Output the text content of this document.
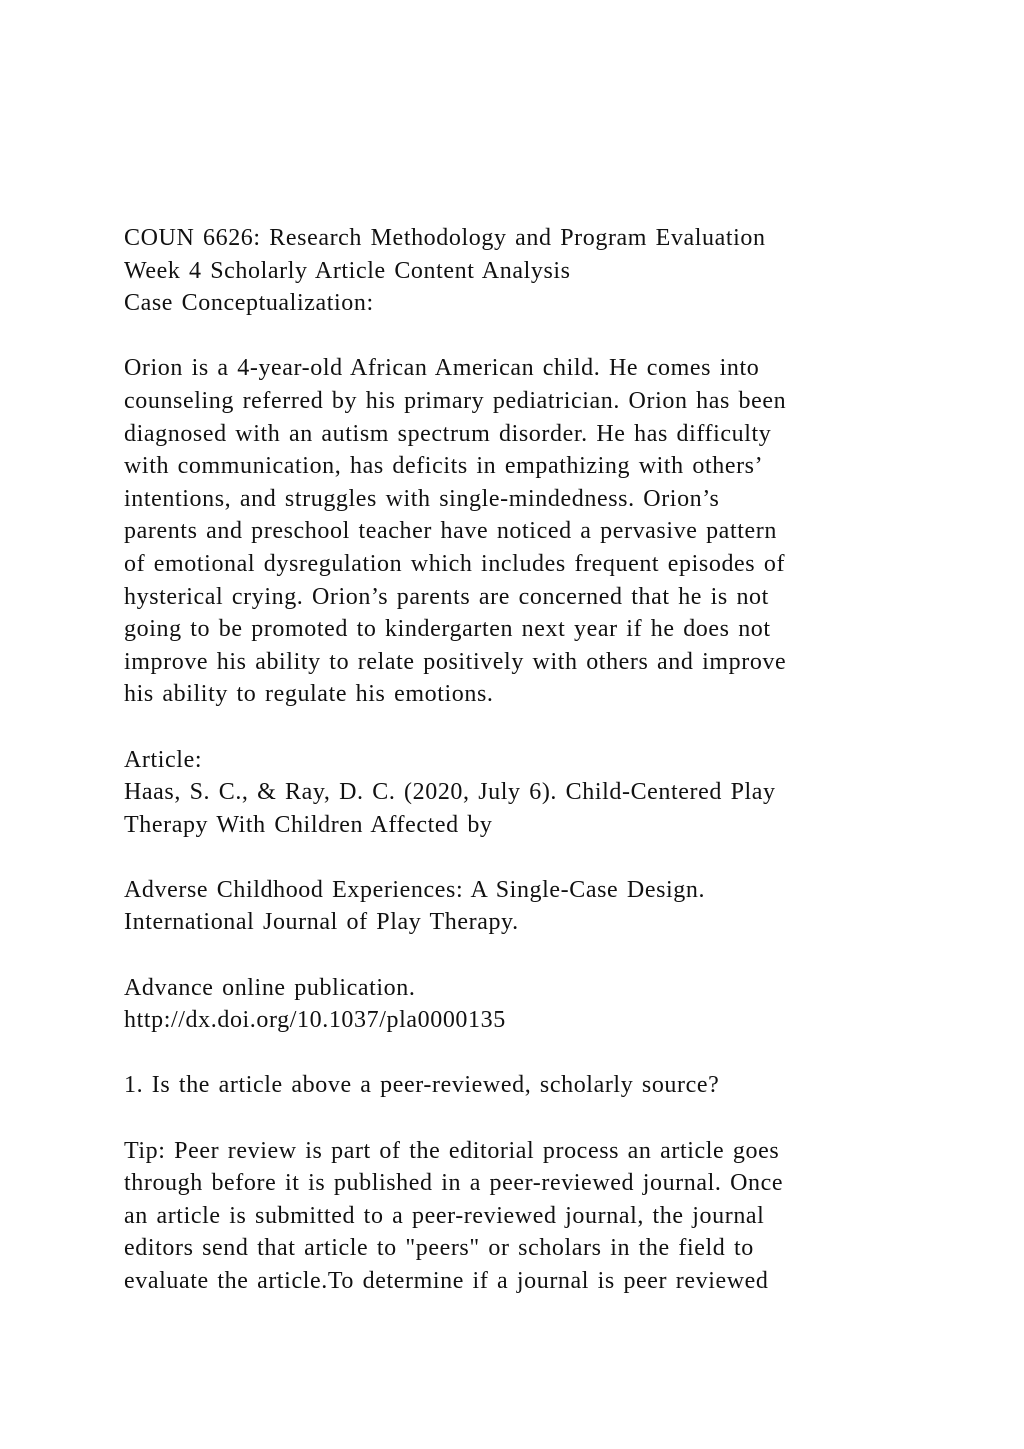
COUN 6626: Research Methodology and Program Evaluation
Week 4 Scholarly Article Content Analysis
Case Conceptualization:
Orion is a 4-year-old African American child. He comes into
counseling referred by his primary pediatrician. Orion has been
diagnosed with an autism spectrum disorder. He has difficulty
with communication, has deficits in empathizing with others’
intentions, and struggles with single-mindedness. Orion’s
parents and preschool teacher have noticed a pervasive pattern
of emotional dysregulation which includes frequent episodes of
hysterical crying. Orion’s parents are concerned that he is not
going to be promoted to kindergarten next year if he does not
improve his ability to relate positively with others and improve
his ability to regulate his emotions.
Article:
Haas, S. C., & Ray, D. C. (2020, July 6). Child-Centered Play
Therapy With Children Affected by
Adverse Childhood Experiences: A Single-Case Design.
International Journal of Play Therapy.
Advance online publication.
http://dx.doi.org/10.1037/pla0000135
1. Is the article above a peer-reviewed, scholarly source?
Tip: Peer review is part of the editorial process an article goes
through before it is published in a peer-reviewed journal. Once
an article is submitted to a peer-reviewed journal, the journal
editors send that article to "peers" or scholars in the field to
evaluate the article.To determine if a journal is peer reviewed
